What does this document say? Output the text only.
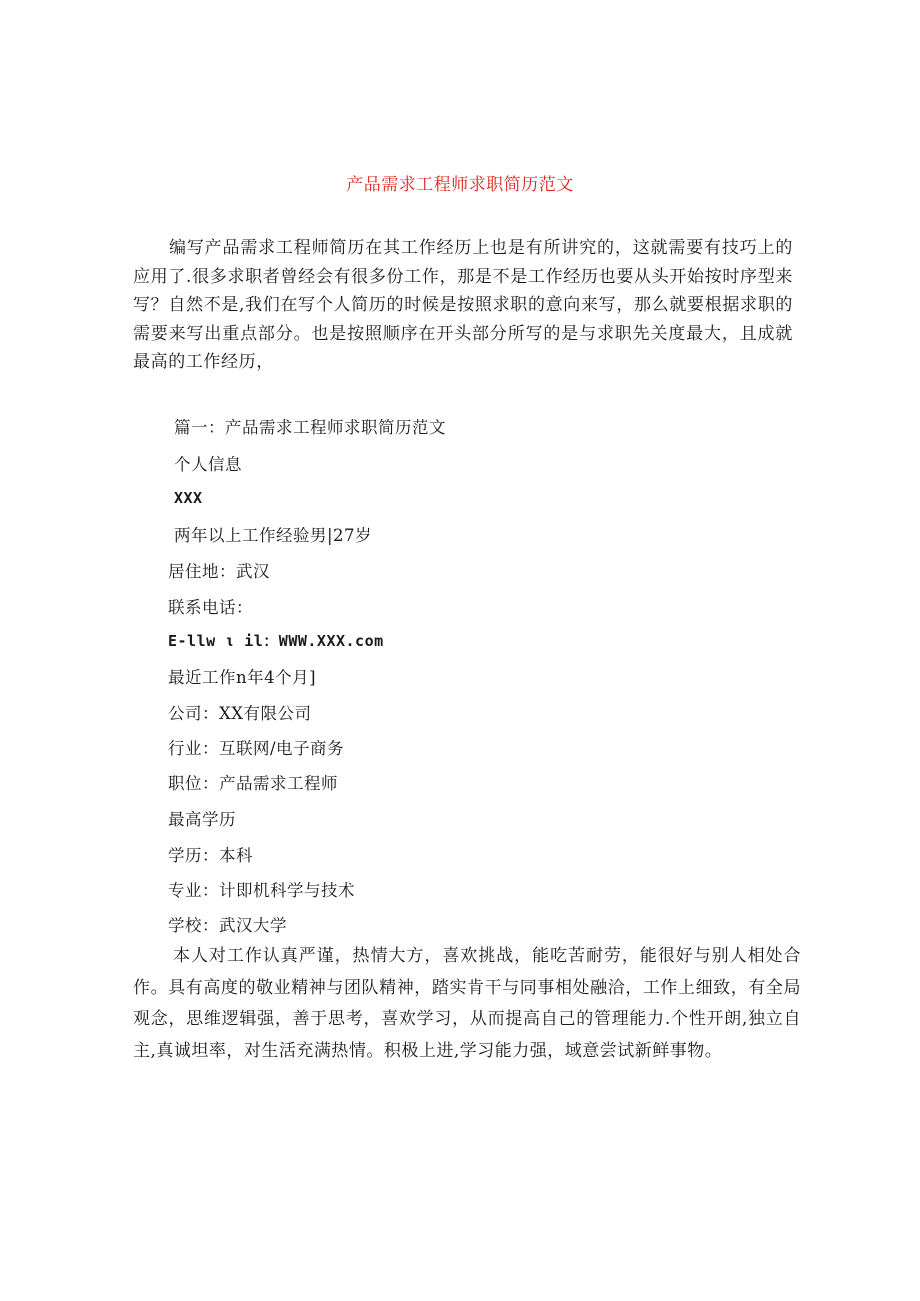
产品需求工程师求职简历范文

编写产品需求工程师简历在其工作经历上也是有所讲究的，这就需要有技巧上的应用了.很多求职者曾经会有很多份工作，那是不是工作经历也要从头开始按时序型来写？自然不是,我们在写个人简历的时候是按照求职的意向来写，那么就要根据求职的需要来写出重点部分。也是按照顺序在开头部分所写的是与求职先关度最大，且成就最高的工作经历，

篇一：产品需求工程师求职简历范文
个人信息
XXX
两年以上工作经验男|27岁
居住地：武汉
联系电话：
E-llw ι il：WWW.XXX.com
最近工作n年4个月]
公司：XX有限公司
行业：互联网/电子商务
职位：产品需求工程师
最高学历
学历：本科
专业：计即机科学与技术
学校：武汉大学

本人对工作认真严谨，热情大方，喜欢挑战，能吃苦耐劳，能很好与别人相处合作。具有高度的敬业精神与团队精神，踏实肯干与同事相处融洽，工作上细致，有全局观念，思维逻辑强，善于思考，喜欢学习，从而提高自己的管理能力.个性开朗,独立自主,真诚坦率，对生活充满热情。积极上进,学习能力强，域意尝试新鲜事物。
